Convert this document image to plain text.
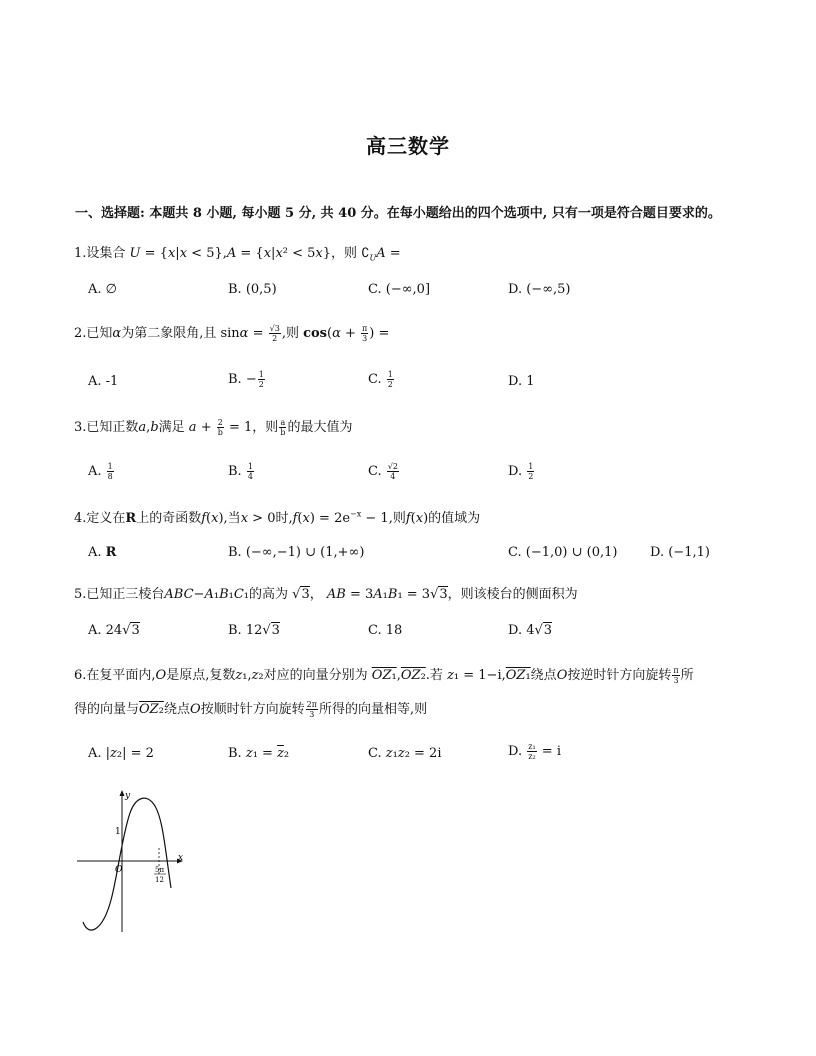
高三数学
一、选择题: 本题共 8 小题, 每小题 5 分, 共 40 分。在每小题给出的四个选项中, 只有一项是符合题目要求的。
1.设集合 U = {x|x < 5},A = {x|x² < 5x}，则 $∁_UA$ =
A. ∅	B. (0,5)	C. (−∞,0]	D. (−∞,5)
2.已知α为第二象限角,且 $\sin\alpha = \frac{√3}{2}$ ,则 $\cos(\alpha + \frac{\pi}{3}$ ) =
A. -1	B. − $\frac{1}{2}$	C. $\frac{1}{2}$	D. 1
3.已知正数a,b满足 $a + \frac{2}{b} = 1$，则 $\frac{a}{b}$ 的最大值为
A. $\frac{1}{8}$	B. $\frac{1}{4}$	C. $\frac{√2}{4}$	D. $\frac{1}{2}$
4.定义在R上的奇函数f(x),当x > 0时$,f(x) = 2e^{-x} - 1$,则f(x)的值域为
A. R	B. (−∞,−1) ∪ (1,+∞)	C. (−1,0) ∪ (0,1)	D. (−1,1)
5.已知正三棱台ABC−A₁B₁C₁的高为 √3， AB = 3A₁B₁ = 3√3，则该棱台的侧面积为
A. 24√3	B. 12√3	C. 18	D. 4√3
6.在复平面内,O是原点,复数z₁,z₂对应的向量分别为 OZ₁,OZ₂.若 z₁ = 1−i,OZ₁绕点O按逆时针方向旋转 $\frac{\pi}{3}$ 所
得的向量与OZ₂绕点O按顺时针方向旋转 $\frac{2\pi}{3}$ 所得的向量相等,则
A. |z₂| = 2	B. $z_1 = \overline{z}_2$	C. z₁z₂ = 2i	D. $\frac{\text{z₁}}{\text{z₂}} = i$
y
x
O
1
5π
12
